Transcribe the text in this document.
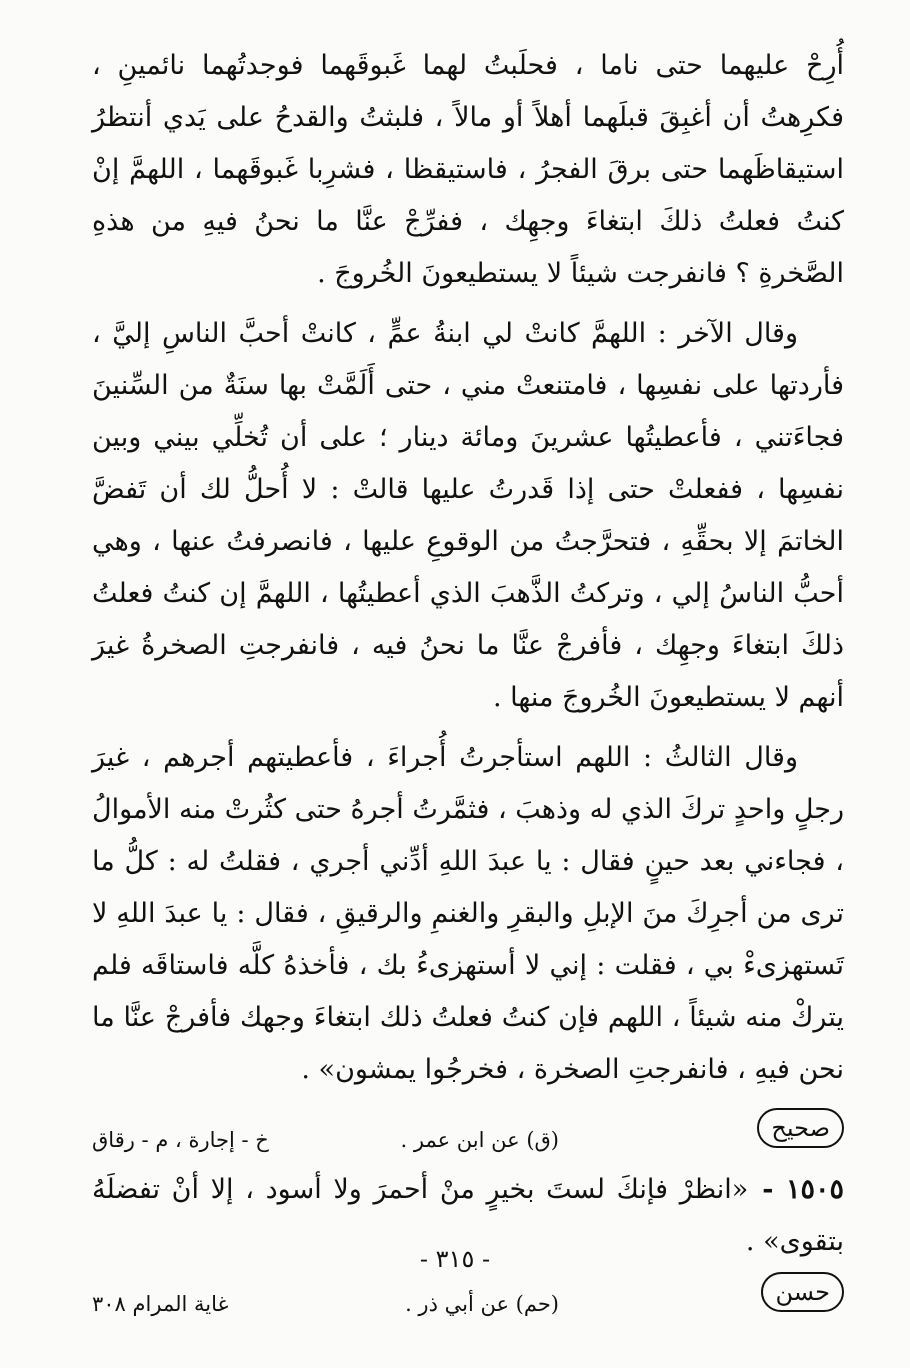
أُرِحْ عليهما حتى ناما ، فحلَبتُ لهما غَبوقَهما فوجدتُهما نائمينِ ، فكرِهتُ أن أغبِقَ قبلَهما أهلاً أو مالاً ، فلبثتُ والقدحُ على يَدي أنتظرُ استيقاظَهما حتى برقَ الفجرُ ، فاستيقظا ، فشرِبا غَبوقَهما ، اللهمَّ إنْ كنتُ فعلتُ ذلكَ ابتغاءَ وجهِك ، ففرِّجْ عنَّا ما نحنُ فيهِ من هذهِ الصَّخرةِ ؟ فانفرجت شيئاً لا يستطيعونَ الخُروجَ .

وقال الآخر : اللهمَّ كانتْ لي ابنةُ عمٍّ ، كانتْ أحبَّ الناسِ إليَّ ، فأردتها على نفسِها ، فامتنعتْ مني ، حتى أَلَمَّتْ بها سنَةٌ من السِّنينَ فجاءَتني ، فأعطيتُها عشرينَ ومائة دينار ؛ على أن تُخلِّي بيني وبين نفسِها ، ففعلتْ حتى إذا قَدرتُ عليها قالتْ : لا أُحلُّ لك أن تَفضَّ الخاتمَ إلا بحقِّهِ ، فتحرَّجتُ من الوقوعِ عليها ، فانصرفتُ عنها ، وهي أحبُّ الناسُ إلي ، وتركتُ الذَّهبَ الذي أعطيتُها ، اللهمَّ إن كنتُ فعلتُ ذلكَ ابتغاءَ وجهِك ، فأفرجْ عنَّا ما نحنُ فيه ، فانفرجتِ الصخرةُ غيرَ أنهم لا يستطيعونَ الخُروجَ منها .

وقال الثالثُ : اللهم استأجرتُ أُجراءَ ، فأعطيتهم أجرهم ، غيرَ رجلٍ واحدٍ تركَ الذي له وذهبَ ، فثمَّرتُ أجرهُ حتى كثُرتْ منه الأموالُ ، فجاءني بعد حينٍ فقال : يا عبدَ اللهِ أدِّني أجري ، فقلتُ له : كلُّ ما ترى من أجرِكَ منَ الإبلِ والبقرِ والغنمِ والرقيقِ ، فقال : يا عبدَ اللهِ لا تَستهزىءْ بي ، فقلت : إني لا أستهزىءُ بك ، فأخذهُ كلَّه فاستاقَه فلم يتركْ منه شيئاً ، اللهم فإن كنتُ فعلتُ ذلك ابتغاءَ وجهك فأفرجْ عنَّا ما نحن فيهِ ، فانفرجتِ الصخرة ، فخرجُوا يمشون» .

صحيح
(ق) عن ابن عمر .
خ - إجارة ، م - رقاق

١٥٠٥ -«انظرْ فإنكَ لستَ بخيرٍ منْ أحمرَ ولا أسود ، إلا أنْ تفضلَهُ بتقوى» .

حسن
(حم) عن أبي ذر .
غاية المرام ٣٠٨
- ٣١٥ -
